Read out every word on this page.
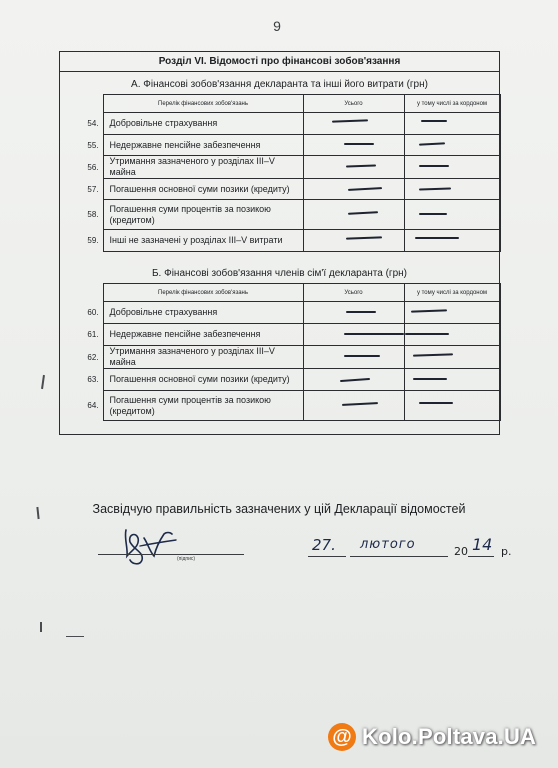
9
Розділ VI. Відомості про фінансові зобов'язання
А. Фінансові зобов'язання декларанта та інші його витрати (грн)
	Перелік фінансових зобов'язань	Усього	у тому числі за кордоном
54.	Добровільне страхування	

55.	Недержавне пенсійне забезпечення	

56.	Утримання зазначеного у розділах III–V майна	

57.	Погашення основної суми позики (кредиту)	

58.	Погашення суми процентів за позикою (кредитом)	

59.	Інші не зазначені у розділах III–V витрати	

Б. Фінансові зобов'язання членів сім'ї декларанта (грн)
	Перелік фінансових зобов'язань	Усього	у тому числі за кордоном
60.	Добровільне страхування	

61.	Недержавне пенсійне забезпечення	

62.	Утримання зазначеного у розділах III–V майна	

63.	Погашення основної суми позики (кредиту)	

64.	Погашення суми процентів за позикою (кредитом)	

Засвідчую правильність зазначених у цій Декларації відомостей
(підпис)
27. лютого	20 14 р.
@ Kolo.Poltava.UA
